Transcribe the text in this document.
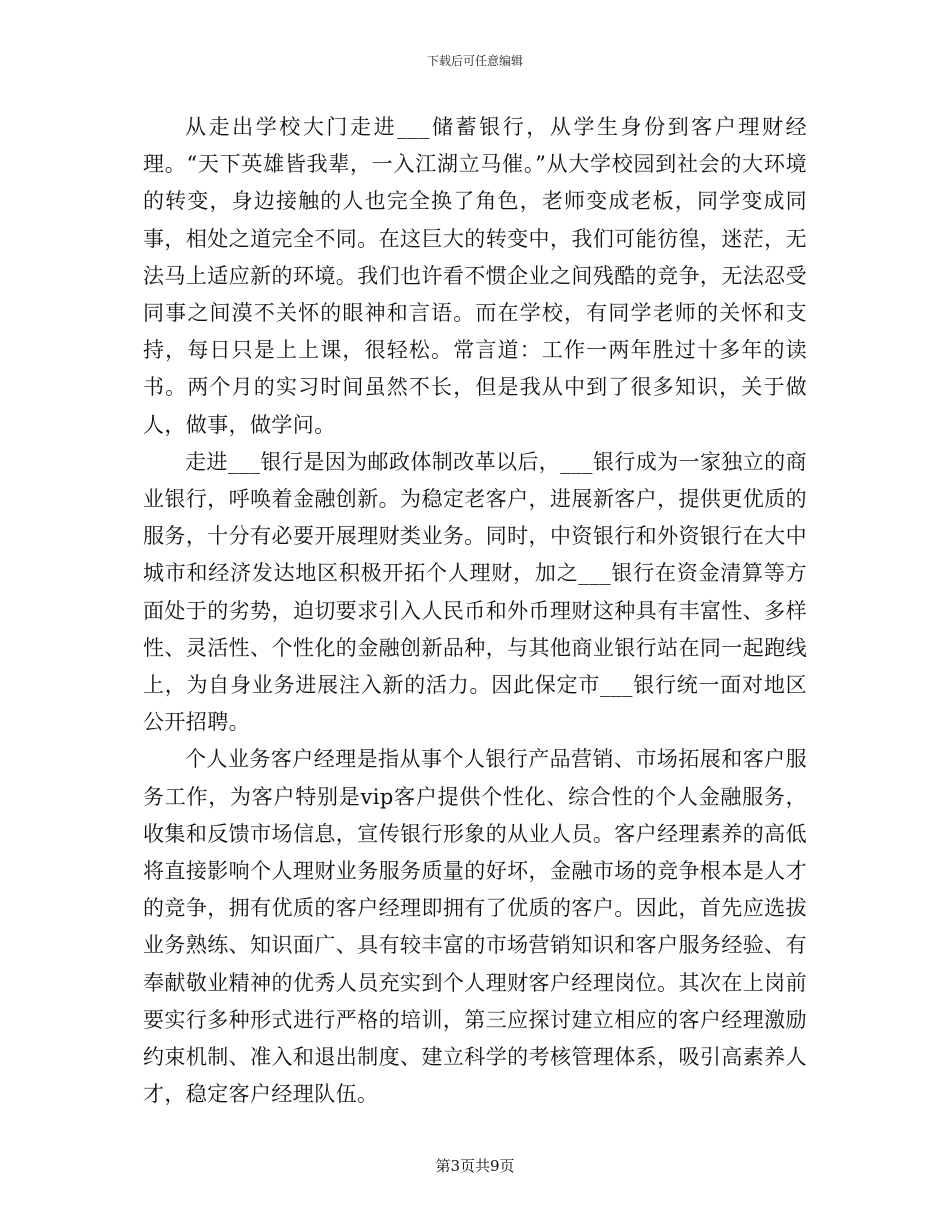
下载后可任意编辑

从走出学校大门走进___储蓄银行，从学生身份到客户理财经理。“天下英雄皆我辈，一入江湖立马催。”从大学校园到社会的大环境的转变，身边接触的人也完全换了角色，老师变成老板，同学变成同事，相处之道完全不同。在这巨大的转变中，我们可能彷徨，迷茫，无法马上适应新的环境。我们也许看不惯企业之间残酷的竞争，无法忍受同事之间漠不关怀的眼神和言语。而在学校，有同学老师的关怀和支持，每日只是上上课，很轻松。常言道：工作一两年胜过十多年的读书。两个月的实习时间虽然不长，但是我从中到了很多知识，关于做人，做事，做学问。

走进___银行是因为邮政体制改革以后，___银行成为一家独立的商业银行，呼唤着金融创新。为稳定老客户，进展新客户，提供更优质的服务，十分有必要开展理财类业务。同时，中资银行和外资银行在大中城市和经济发达地区积极开拓个人理财，加之___银行在资金清算等方面处于的劣势，迫切要求引入人民币和外币理财这种具有丰富性、多样性、灵活性、个性化的金融创新品种，与其他商业银行站在同一起跑线上，为自身业务进展注入新的活力。因此保定市___银行统一面对地区公开招聘。

个人业务客户经理是指从事个人银行产品营销、市场拓展和客户服务工作，为客户特别是vip客户提供个性化、综合性的个人金融服务，收集和反馈市场信息，宣传银行形象的从业人员。客户经理素养的高低将直接影响个人理财业务服务质量的好坏，金融市场的竞争根本是人才的竞争，拥有优质的客户经理即拥有了优质的客户。因此，首先应选拔业务熟练、知识面广、具有较丰富的市场营销知识和客户服务经验、有奉献敬业精神的优秀人员充实到个人理财客户经理岗位。其次在上岗前要实行多种形式进行严格的培训，第三应探讨建立相应的客户经理激励约束机制、准入和退出制度、建立科学的考核管理体系，吸引高素养人才，稳定客户经理队伍。

第3页共9页
